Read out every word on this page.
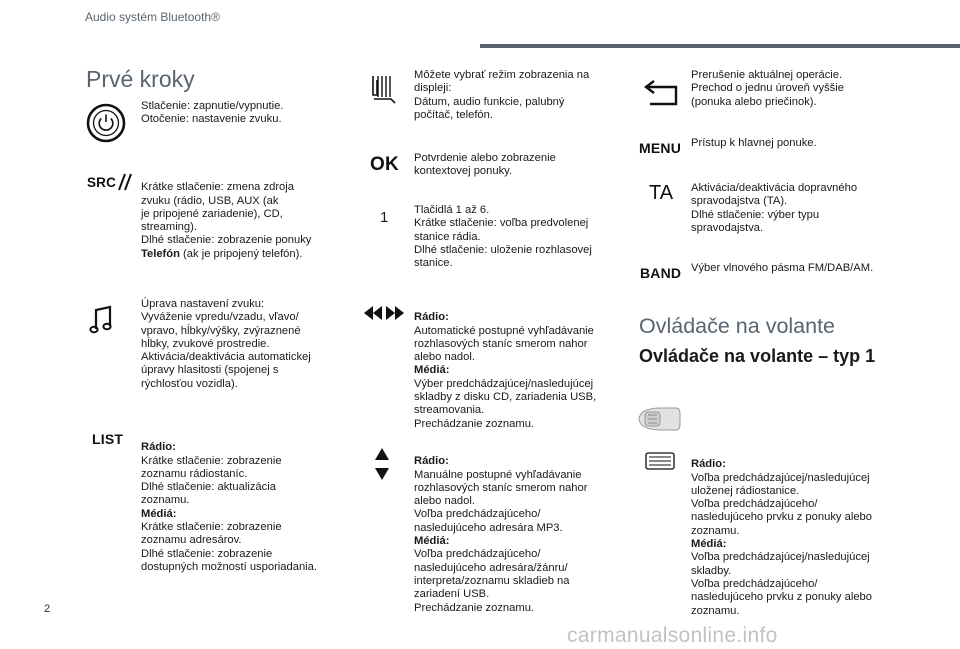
Audio systém Bluetooth®
Prvé kroky
Stlačenie: zapnutie/vypnutie.
Otočenie: nastavenie zvuku.
SRC Krátke stlačenie: zmena zdroja
zvuku (rádio, USB, AUX (ak
je pripojené zariadenie), CD,
streaming).
Dlhé stlačenie: zobrazenie ponuky
Telefón (ak je pripojený telefón).

Úprava nastavení zvuku:
Vyváženie vpredu/vzadu, vľavo/
vpravo, hĺbky/výšky, zvýraznené
hĺbky, zvukové prostredie.
Aktivácia/deaktivácia automatickej
úpravy hlasitosti (spojenej s
rýchlosťou vozidla).
LIST

Rádio:
Krátke stlačenie: zobrazenie
zoznamu rádiostaníc.
Dlhé stlačenie: aktualizácia
zoznamu.
Médiá:
Krátke stlačenie: zobrazenie
zoznamu adresárov.
Dlhé stlačenie: zobrazenie
dostupných možností usporiadania.

Môžete vybrať režim zobrazenia na
displeji:
Dátum, audio funkcie, palubný
počítač, telefón.
OK Potvrdenie alebo zobrazenie
kontextovej ponuky.
1 Tlačidlá 1 až 6.
Krátke stlačenie: voľba predvolenej
stanice rádia.
Dlhé stlačenie: uloženie rozhlasovej
stanice.

Rádio:
Automatické postupné vyhľadávanie
rozhlasových staníc smerom nahor
alebo nadol.
Médiá:
Výber predchádzajúcej/nasledujúcej
skladby z disku CD, zariadenia USB,
streamovania.
Prechádzanie zoznamu.

Rádio:
Manuálne postupné vyhľadávanie
rozhlasových staníc smerom nahor
alebo nadol.
Voľba predchádzajúceho/
nasledujúceho adresára MP3.
Médiá:
Voľba predchádzajúceho/
nasledujúceho adresára/žánru/
interpreta/zoznamu skladieb na
zariadení USB.
Prechádzanie zoznamu.

Prerušenie aktuálnej operácie.
Prechod o jednu úroveň vyššie
(ponuka alebo priečinok).
MENU Prístup k hlavnej ponuke.
TA Aktivácia/deaktivácia dopravného
spravodajstva (TA).
Dlhé stlačenie: výber typu
spravodajstva.
BAND Výber vlnového pásma FM/DAB/AM.
Ovládače na volante
Ovládače na volante – typ 1

Rádio:
Voľba predchádzajúcej/nasledujúcej
uloženej rádiostanice.
Voľba predchádzajúceho/
nasledujúceho prvku z ponuky alebo
zoznamu.
Médiá:
Voľba predchádzajúcej/nasledujúcej
skladby.
Voľba predchádzajúceho/
nasledujúceho prvku z ponuky alebo
zoznamu.

2
carmanualsonline.info
